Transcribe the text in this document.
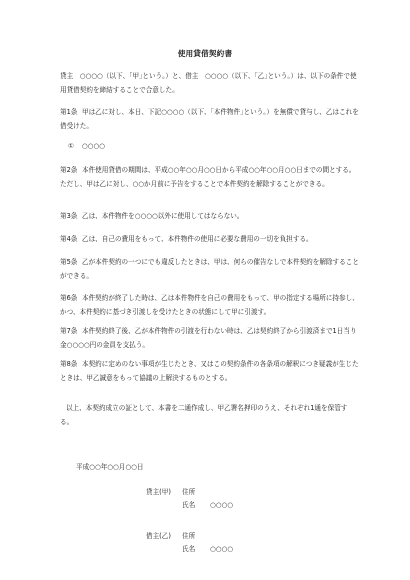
使用貸借契約書

貸主　○○○○（以下、｢甲｣という。）と、借主　○○○○（以下、｢乙｣という。）は、以下の条件で使用貸借契約を締結することで合意した。

第1条 甲は乙に対し、本日、下記○○○○（以下、｢本件物件｣という。）を無償で貸与し、乙はこれを借受けた。

① ○○○○

第2条 本件使用貸借の期間は、平成○○年○○月○○日から平成○○年○○月○○日までの間とする。ただし、甲は乙に対し、○○か月前に予告をすることで本件契約を解除することができる。

第3条 乙は、本件物件を○○○○以外に使用してはならない。

第4条 乙は、自己の費用をもって、本件物件の使用に必要な費用の一切を負担する。

第5条 乙が本件契約の一つにでも違反したときは、甲は、何らの催告なしで本件契約を解除することができる。

第6条 本件契約が終了した時は、乙は本件物件を自己の費用をもって、甲の指定する場所に持参し、かつ、本件契約に基づき引渡しを受けたときの状態にして甲に引渡す。

第7条 本件契約終了後、乙が本件物件の引渡を行わない時は、乙は契約終了から引渡済まで1日当り金○○○○円の金員を支払う。

第8条 本契約に定めのない事項が生じたとき、又はこの契約条件の各条項の解釈につき疑義が生じたときは、甲乙誠意をもって協議の上解決するものとする。

以上、本契約成立の証として、本書を二通作成し、甲乙署名押印のうえ、それぞれ1通を保管する。

平成○○年○○月○○日
貸主(甲) 住所
氏名 ○○○○
借主(乙) 住所
氏名 ○○○○
